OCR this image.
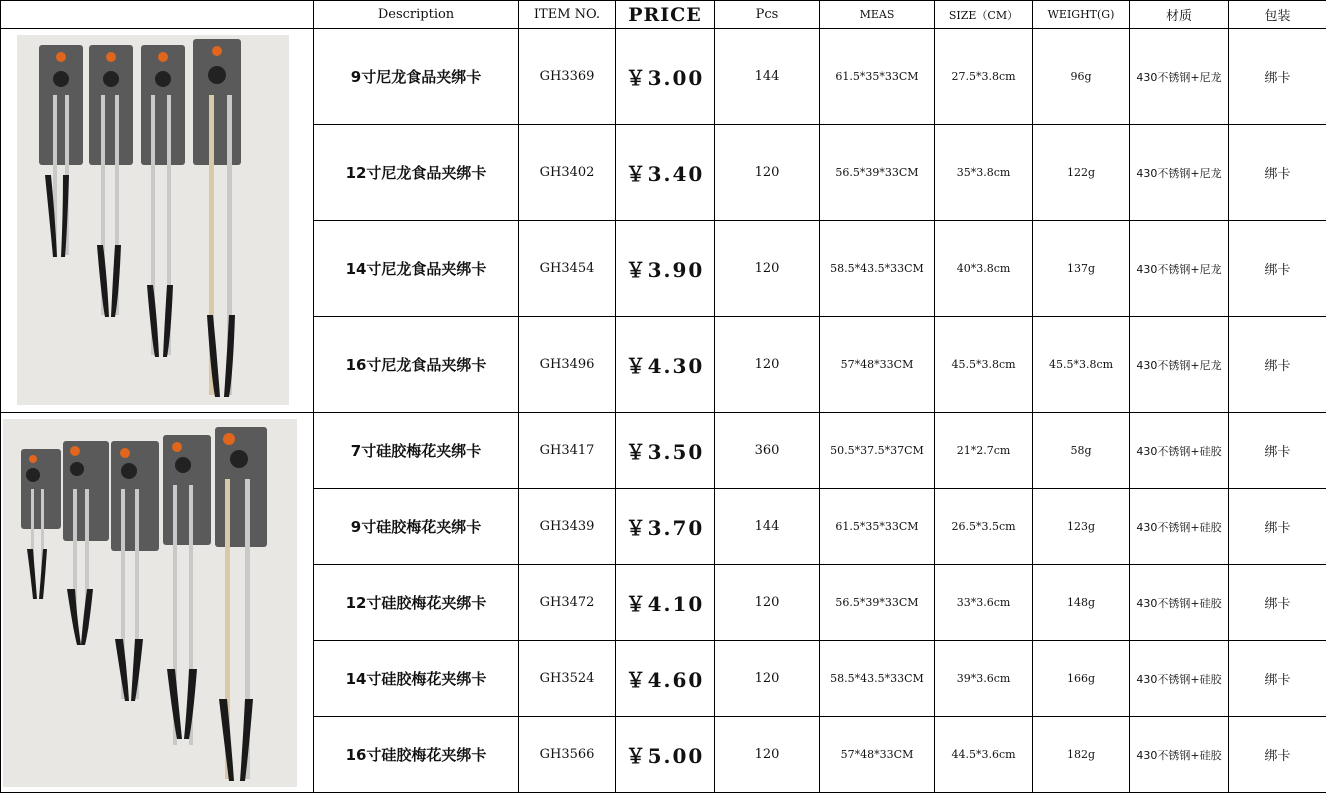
	Description	ITEM NO.	PRICE	Pcs	MEAS	SIZE（CM）	WEIGHT(G)	材质	包装

	9寸尼龙食品夹绑卡	GH3369	￥3.00	144	61.5*35*33CM	27.5*3.8cm	96g	430不锈钢+尼龙	绑卡
	12寸尼龙食品夹绑卡	GH3402	￥3.40	120	56.5*39*33CM	35*3.8cm	122g	430不锈钢+尼龙	绑卡
	14寸尼龙食品夹绑卡	GH3454	￥3.90	120	58.5*43.5*33CM	40*3.8cm	137g	430不锈钢+尼龙	绑卡
	16寸尼龙食品夹绑卡	GH3496	￥4.30	120	57*48*33CM	45.5*3.8cm	45.5*3.8cm	430不锈钢+尼龙	绑卡

	7寸硅胶梅花夹绑卡	GH3417	￥3.50	360	50.5*37.5*37CM	21*2.7cm	58g	430不锈钢+硅胶	绑卡
	9寸硅胶梅花夹绑卡	GH3439	￥3.70	144	61.5*35*33CM	26.5*3.5cm	123g	430不锈钢+硅胶	绑卡
	12寸硅胶梅花夹绑卡	GH3472	￥4.10	120	56.5*39*33CM	33*3.6cm	148g	430不锈钢+硅胶	绑卡
	14寸硅胶梅花夹绑卡	GH3524	￥4.60	120	58.5*43.5*33CM	39*3.6cm	166g	430不锈钢+硅胶	绑卡
	16寸硅胶梅花夹绑卡	GH3566	￥5.00	120	57*48*33CM	44.5*3.6cm	182g	430不锈钢+硅胶	绑卡
